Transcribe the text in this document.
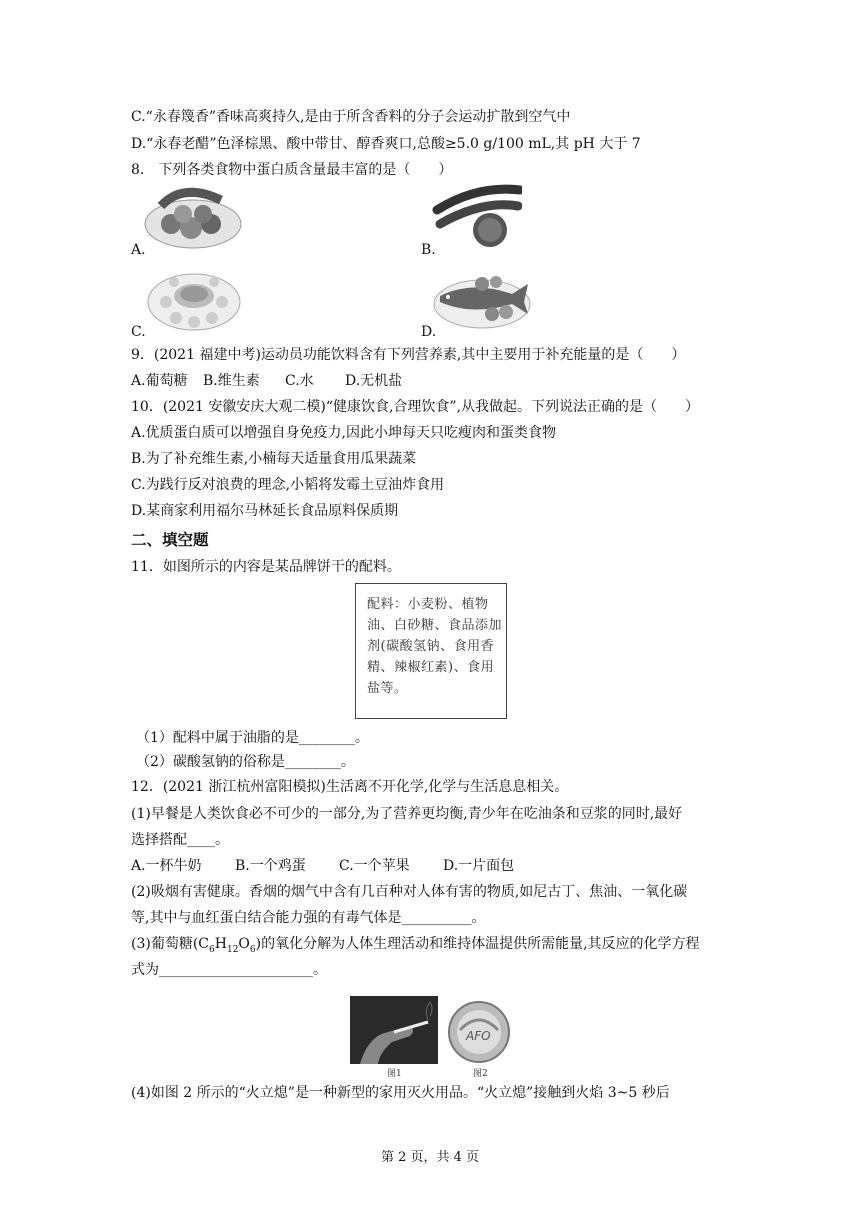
C.“永春篾香”香味高爽持久,是由于所含香料的分子会运动扩散到空气中
D.“永春老醋”色泽棕黑、酸中带甘、醇香爽口,总酸≥5.0 g/100 mL,其 pH 大于 7
8． 下列各类食物中蛋白质含量最丰富的是（　　）
A.	B.
C.	D.
9．(2021 福建中考)运动员功能饮料含有下列营养素,其中主要用于补充能量的是（　　）
A.葡萄糖 B.维生素 C.水 D.无机盐
10．(2021 安徽安庆大观二模)“健康饮食,合理饮食”,从我做起。下列说法正确的是（　　）
A.优质蛋白质可以增强自身免疫力,因此小坤每天只吃瘦肉和蛋类食物
B.为了补充维生素,小楠每天适量食用瓜果蔬菜
C.为践行反对浪费的理念,小韬将发霉土豆油炸食用
D.某商家利用福尔马林延长食品原料保质期
二、填空题
11．如图所示的内容是某品牌饼干的配料。
配料：小麦粉、植物油、白砂糖、食品添加剂(碳酸氢钠、食用香精、辣椒红素)、食用盐等。
（1）配料中属于油脂的是________。
（2）碳酸氢钠的俗称是________。
12．(2021 浙江杭州富阳模拟)生活离不开化学,化学与生活息息相关。
(1)早餐是人类饮食必不可少的一部分,为了营养更均衡,青少年在吃油条和豆浆的同时,最好
选择搭配____。
A.一杯牛奶 B.一个鸡蛋 C.一个苹果 D.一片面包
(2)吸烟有害健康。香烟的烟气中含有几百种对人体有害的物质,如尼古丁、焦油、一氧化碳
等,其中与血红蛋白结合能力强的有毒气体是__________。
(3)葡萄糖$(C_6H_{12}O_6)$的氧化分解为人体生理活动和维持体温提供所需能量,其反应的化学方程
式为______________________。
图1
AFO
图2
(4)如图 2 所示的“火立熄”是一种新型的家用灭火用品。“火立熄”接触到火焰 3~5 秒后
第 2 页，共 4 页
